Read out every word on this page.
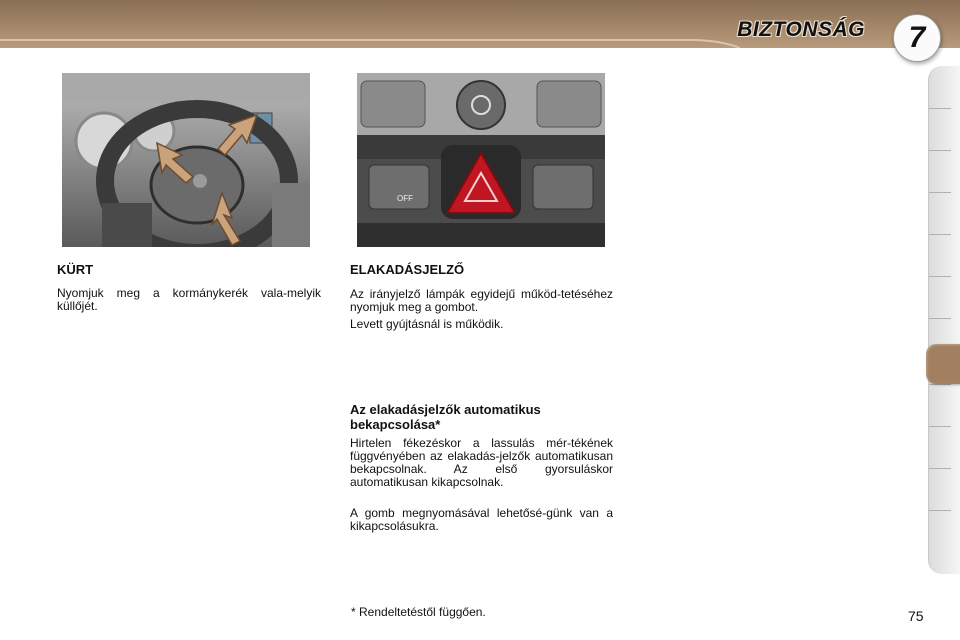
BIZTONSÁG	7
OFF
KÜRT

Nyomjuk meg a kormánykerék vala-melyik küllőjét.

ELAKADÁSJELZŐ

Az irányjelző lámpák egyidejű működ-tetéséhez nyomjuk meg a gombot.

Levett gyújtásnál is működik.

Az elakadásjelzők automatikus bekapcsolása*

Hirtelen fékezéskor a lassulás mér-tékének függvényében az elakadás-jelzők automatikusan bekapcsolnak. Az első gyorsuláskor automatikusan kikapcsolnak.

A gomb megnyomásával lehetősé-günk van a kikapcsolásukra.

* Rendeltetéstől függően.	75
